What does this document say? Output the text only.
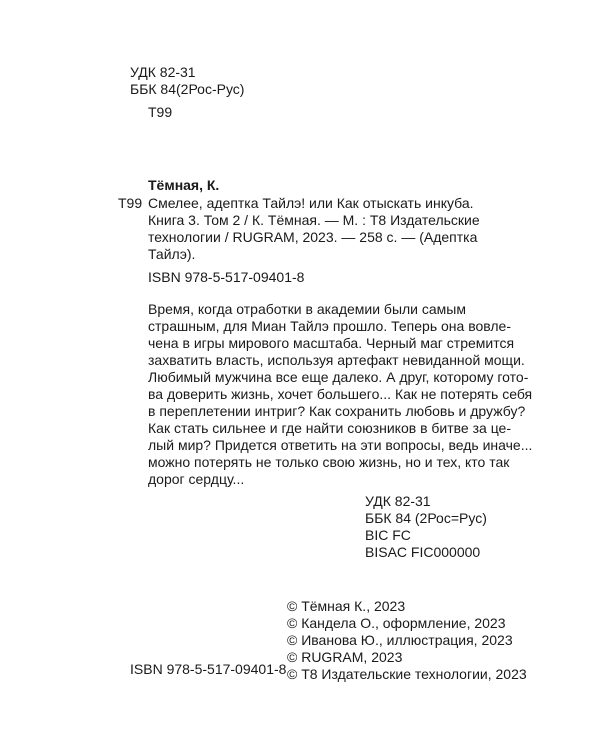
УДК 82-31
ББК 84(2Рос-Рус)
Т99
Тёмная, К.
Т99 Смелее, адептка Тайлэ! или Как отыскать инкуба.
Книга 3. Том 2 / К. Тёмная. — М. : Т8 Издательские
технологии / RUGRAM, 2023. — 258 с. — (Адептка
Тайлэ).
ISBN 978-5-517-09401-8
Время, когда отработки в академии были самым
страшным, для Миан Тайлэ прошло. Теперь она вовле-
чена в игры мирового масштаба. Черный маг стремится
захватить власть, используя артефакт невиданной мощи.
Любимый мужчина все еще далеко. А друг, которому гото-
ва доверить жизнь, хочет большего... Как не потерять себя
в переплетении интриг? Как сохранить любовь и дружбу?
Как стать сильнее и где найти союзников в битве за це-
лый мир? Придется ответить на эти вопросы, ведь иначе...
можно потерять не только свою жизнь, но и тех, кто так
дорог сердцу...
УДК 82-31
ББК 84 (2Рос=Рус)
BIC FC
BISAC FIC000000
© Тёмная К., 2023
© Кандела О., оформление, 2023
© Иванова Ю., иллюстрация, 2023
© RUGRAM, 2023
© Т8 Издательские технологии, 2023
ISBN 978-5-517-09401-8
